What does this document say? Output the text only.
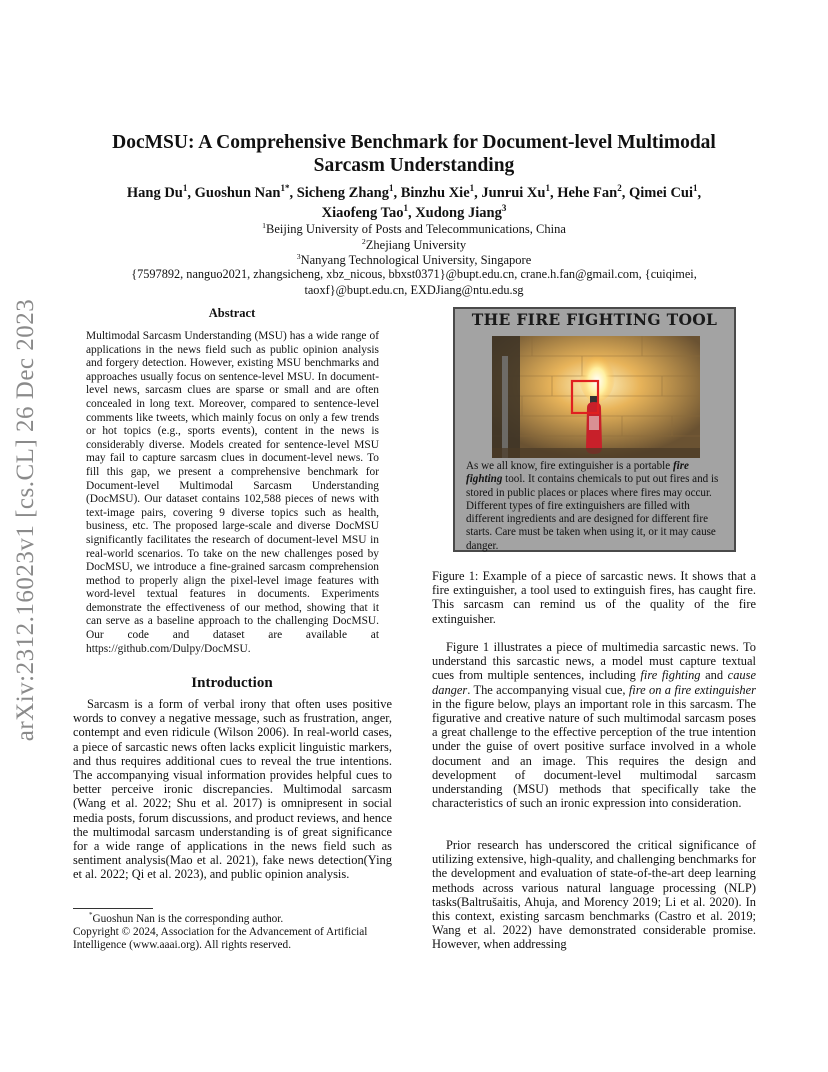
arXiv:2312.16023v1 [cs.CL] 26 Dec 2023
DocMSU: A Comprehensive Benchmark for Document-level Multimodal Sarcasm Understanding
Hang Du$^1$, Guoshun Nan$^{1*}$, Sicheng Zhang$^1$, Binzhu Xie$^1$, Junrui Xu$^1$, Hehe Fan$^2$, Qimei Cui$^1$,
Xiaofeng Tao$^1$, Xudong Jiang$^3$
$^1$Beijing University of Posts and Telecommunications, China
$^2$Zhejiang University
$^3$Nanyang Technological University, Singapore
{7597892, nanguo2021, zhangsicheng, xbz_nicous, bbxst0371}@bupt.edu.cn, crane.h.fan@gmail.com, {cuiqimei, taoxf}@bupt.edu.cn, EXDJiang@ntu.edu.sg
Abstract
Multimodal Sarcasm Understanding (MSU) has a wide range of applications in the news field such as public opinion analysis and forgery detection. However, existing MSU benchmarks and approaches usually focus on sentence-level MSU. In document-level news, sarcasm clues are sparse or small and are often concealed in long text. Moreover, compared to sentence-level comments like tweets, which mainly focus on only a few trends or hot topics (e.g., sports events), content in the news is considerably diverse. Models created for sentence-level MSU may fail to capture sarcasm clues in document-level news. To fill this gap, we present a comprehensive benchmark for Document-level Multimodal Sarcasm Understanding (DocMSU). Our dataset contains 102,588 pieces of news with text-image pairs, covering 9 diverse topics such as health, business, etc. The proposed large-scale and diverse DocMSU significantly facilitates the research of document-level MSU in real-world scenarios. To take on the new challenges posed by DocMSU, we introduce a fine-grained sarcasm comprehension method to properly align the pixel-level image features with word-level textual features in documents. Experiments demonstrate the effectiveness of our method, showing that it can serve as a baseline approach to the challenging DocMSU. Our code and dataset are available at https://github.com/Dulpy/DocMSU.
Introduction
Sarcasm is a form of verbal irony that often uses positive words to convey a negative message, such as frustration, anger, contempt and even ridicule (Wilson 2006). In real-world cases, a piece of sarcastic news often lacks explicit linguistic markers, and thus requires additional cues to reveal the true intentions. The accompanying visual information provides helpful cues to better perceive ironic discrepancies. Multimodal sarcasm (Wang et al. 2022; Shu et al. 2017) is omnipresent in social media posts, forum discussions, and product reviews, and hence the multimodal sarcasm understanding is of great significance for a wide range of applications in the news field such as sentiment analysis(Mao et al. 2021), fake news detection(Ying et al. 2022; Qi et al. 2023), and public opinion analysis.

*Guoshun Nan is the corresponding author.

Copyright © 2024, Association for the Advancement of Artificial

Intelligence (www.aaai.org). All rights reserved.

THE FIRE FIGHTING TOOL
As we all know, fire extinguisher is a portable fire fighting tool. It contains chemicals to put out fires and is stored in public places or places where fires may occur. Different types of fire extinguishers are filled with different ingredients and are designed for different fire starts. Care must be taken when using it, or it may cause danger.
Figure 1: Example of a piece of sarcastic news. It shows that a fire extinguisher, a tool used to extinguish fires, has caught fire. This sarcasm can remind us of the quality of the fire extinguisher.
Figure 1 illustrates a piece of multimedia sarcastic news. To understand this sarcastic news, a model must capture textual cues from multiple sentences, including fire fighting and cause danger. The accompanying visual cue, fire on a fire extinguisher in the figure below, plays an important role in this sarcasm. The figurative and creative nature of such multimodal sarcasm poses a great challenge to the effective perception of the true intention under the guise of overt positive surface involved in a whole document and an image. This requires the design and development of document-level multimodal sarcasm understanding (MSU) methods that specifically take the characteristics of such an ironic expression into consideration.
Prior research has underscored the critical significance of utilizing extensive, high-quality, and challenging benchmarks for the development and evaluation of state-of-the-art deep learning methods across various natural language processing (NLP) tasks(Baltrušaitis, Ahuja, and Morency 2019; Li et al. 2020). In this context, existing sarcasm benchmarks (Castro et al. 2019; Wang et al. 2022) have demonstrated considerable promise. However, when addressing
